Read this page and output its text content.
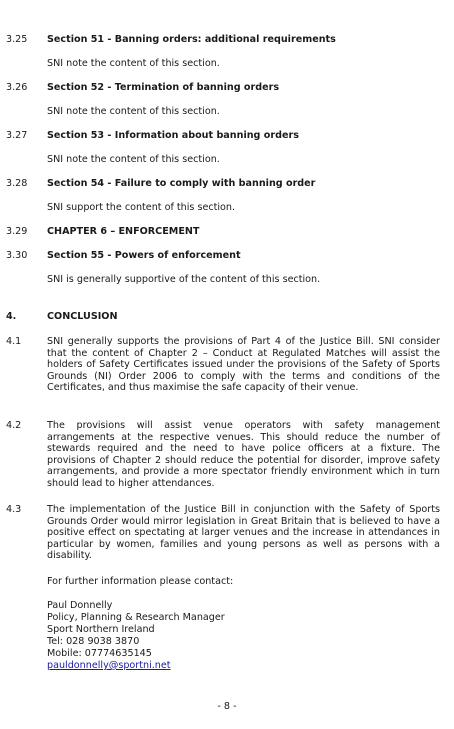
3.25	Section 51 - Banning orders: additional requirements
SNI note the content of this section.
3.26	Section 52 - Termination of banning orders
SNI note the content of this section.
3.27	Section 53 - Information about banning orders
SNI note the content of this section.
3.28	Section 54 - Failure to comply with banning order
SNI support the content of this section.
3.29	CHAPTER 6 – ENFORCEMENT
3.30	Section 55 - Powers of enforcement
SNI is generally supportive of the content of this section.
4.	CONCLUSION
4.1	SNI generally supports the provisions of Part 4 of the Justice Bill. SNI consider that the content of Chapter 2 – Conduct at Regulated Matches will assist the holders of Safety Certificates issued under the provisions of the Safety of Sports Grounds (NI) Order 2006 to comply with the terms and conditions of the Certificates, and thus maximise the safe capacity of their venue.
4.2	The provisions will assist venue operators with safety management arrangements at the respective venues. This should reduce the number of stewards required and the need to have police officers at a fixture. The provisions of Chapter 2 should reduce the potential for disorder, improve safety arrangements, and provide a more spectator friendly environment which in turn should lead to higher attendances.
4.3	The implementation of the Justice Bill in conjunction with the Safety of Sports Grounds Order would mirror legislation in Great Britain that is believed to have a positive effect on spectating at larger venues and the increase in attendances in particular by women, families and young persons as well as persons with a disability.
For further information please contact:
Paul Donnelly
Policy, Planning & Research Manager
Sport Northern Ireland
Tel: 028 9038 3870
Mobile: 07774635145
pauldonnelly@sportni.net
- 8 -
